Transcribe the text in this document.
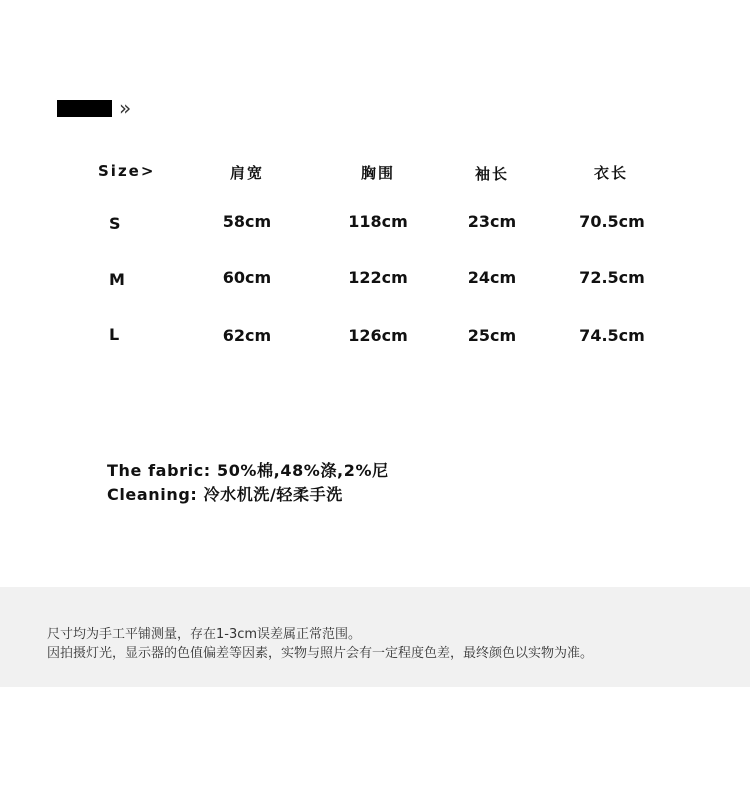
»
Size>	肩宽	胸围	袖长	衣长
S	58cm	118cm	23cm	70.5cm
M	60cm	122cm	24cm	72.5cm
L	62cm	126cm	25cm	74.5cm
The fabric: 50%棉,48%涤,2%尼
Cleaning: 冷水机洗/轻柔手洗
尺寸均为手工平铺测量，存在1-3cm误差属正常范围。
因拍摄灯光，显示器的色值偏差等因素，实物与照片会有一定程度色差，最终颜色以实物为准。
